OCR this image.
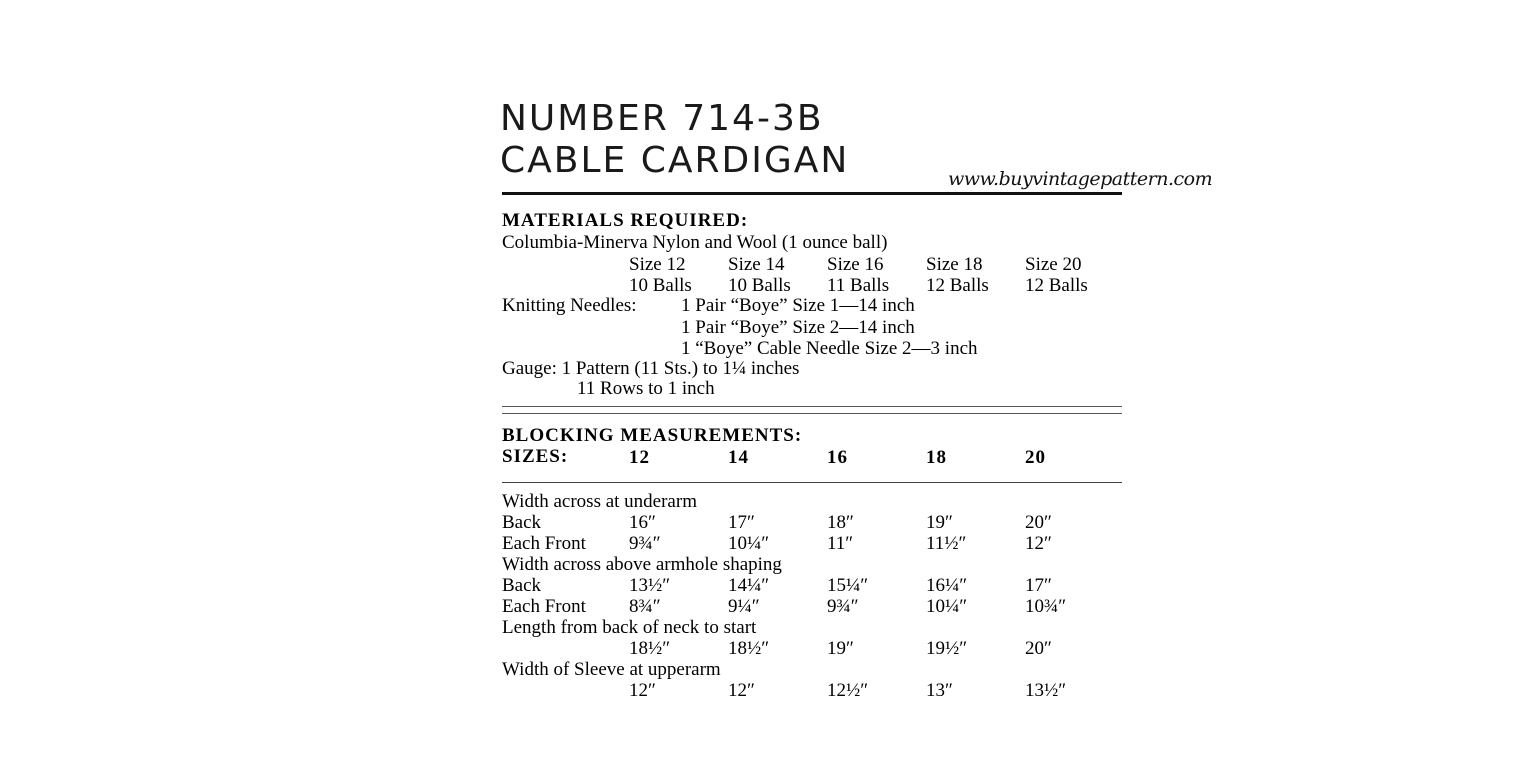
NUMBER 714-3B
CABLE CARDIGAN	www.buyvintagepattern.com
MATERIALS REQUIRED:
Columbia-Minerva Nylon and Wool (1 ounce ball)
Size 12 Size 14 Size 16 Size 18 Size 20
10 Balls 10 Balls 11 Balls 12 Balls 12 Balls
Knitting Needles: 1 Pair “Boye” Size 1—14 inch
1 Pair “Boye” Size 2—14 inch
1 “Boye” Cable Needle Size 2—3 inch
Gauge: 1 Pattern (11 Sts.) to 1¼ inches
11 Rows to 1 inch
BLOCKING MEASUREMENTS:
SIZES:	12	14	16	18	20
Width across at underarm
Back	16″	17″	18″	19″	20″
Each Front 9¾″	10¼″	11″	11½″	12″
Width across above armhole shaping
Back	13½″	14¼″	15¼″	16¼″	17″
Each Front 8¾″	9¼″	9¾″	10¼″	10¾″
Length from back of neck to start
18½″	18½″	19″	19½″	20″
Width of Sleeve at upperarm
12″	12″	12½″	13″	13½″
